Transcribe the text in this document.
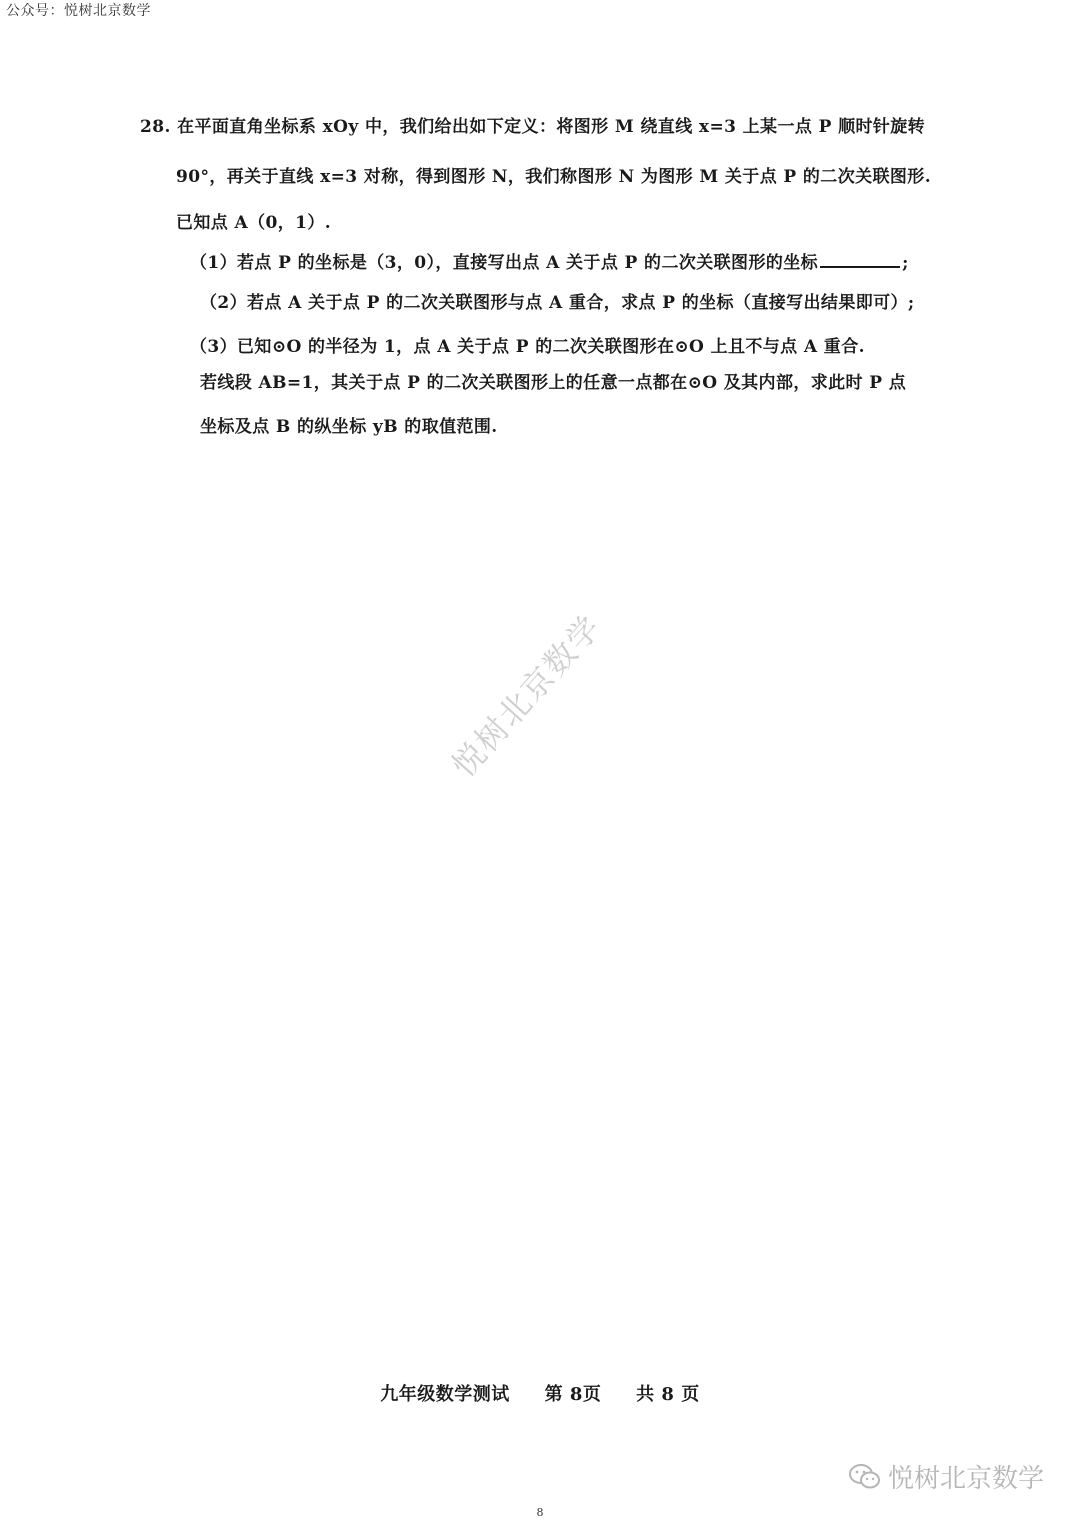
公众号：悦树北京数学
28. 在平面直角坐标系 xOy 中，我们给出如下定义：将图形 M 绕直线 x=3 上某一点 P 顺时针旋转
90°，再关于直线 x=3 对称，得到图形 N，我们称图形 N 为图形 M 关于点 P 的二次关联图形.
已知点 A（0，1）.
（1）若点 P 的坐标是（3，0），直接写出点 A 关于点 P 的二次关联图形的坐标	;
（2）若点 A 关于点 P 的二次关联图形与点 A 重合，求点 P 的坐标（直接写出结果即可）;
（3）已知⊙O 的半径为 1，点 A 关于点 P 的二次关联图形在⊙O 上且不与点 A 重合.
若线段 AB=1，其关于点 P 的二次关联图形上的任意一点都在⊙O 及其内部，求此时 P 点
坐标及点 B 的纵坐标 yB 的取值范围.
悦树北京数学
九年级数学测试 第 8页 共 8 页
悦树北京数学
8
